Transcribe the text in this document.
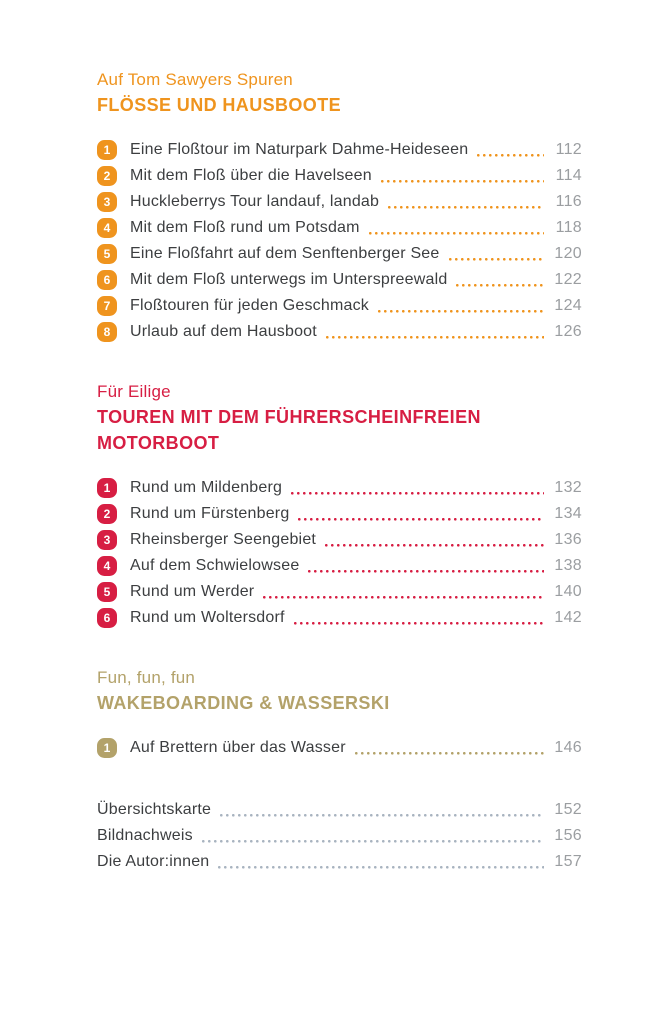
Auf Tom Sawyers Spuren
FLÖSSE UND HAUSBOOTE
1	Eine Floßtour im Naturpark Dahme-Heideseen	112
2	Mit dem Floß über die Havelseen	114
3	Huckleberrys Tour landauf, landab	116
4	Mit dem Floß rund um Potsdam	118
5	Eine Floßfahrt auf dem Senftenberger See	120
6	Mit dem Floß unterwegs im Unterspreewald	122
7	Floßtouren für jeden Geschmack	124
8	Urlaub auf dem Hausboot	126
Für Eilige
TOUREN MIT DEM FÜHRERSCHEINFREIEN MOTORBOOT
1	Rund um Mildenberg	132
2	Rund um Fürstenberg	134
3	Rheinsberger Seengebiet	136
4	Auf dem Schwielowsee	138
5	Rund um Werder	140
6	Rund um Woltersdorf	142
Fun, fun, fun
WAKEBOARDING & WASSERSKI
1	Auf Brettern über das Wasser	146
Übersichtskarte	152
Bildnachweis	156
Die Autor:innen	157
